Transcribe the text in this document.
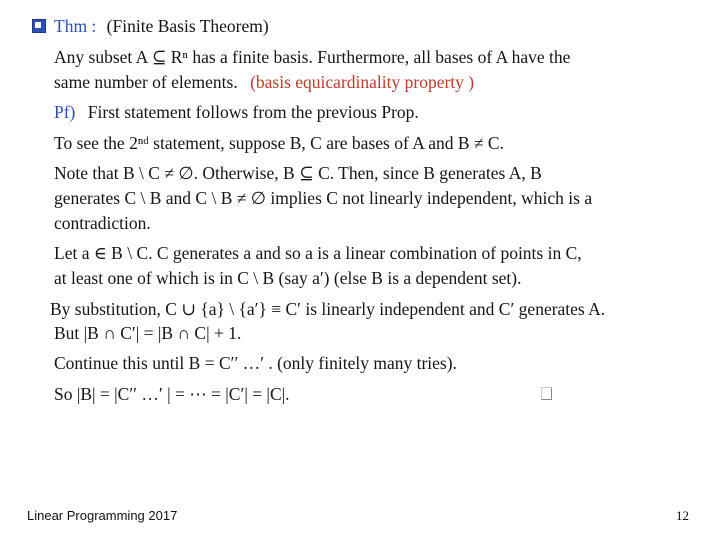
Thm : (Finite Basis Theorem)
Any subset A ⊆ Rⁿ has a finite basis. Furthermore, all bases of A have the
same number of elements. (basis equicardinality property )
Pf) First statement follows from the previous Prop.
To see the 2ⁿᵈ statement, suppose B, C are bases of A and B ≠ C.
Note that B \ C ≠ ∅. Otherwise, B ⊆ C. Then, since B generates A, B
generates C \ B and C \ B ≠ ∅ implies C not linearly independent, which is a
contradiction.
Let a ∈ B \ C. C generates a and so a is a linear combination of points in C,
at least one of which is in C \ B (say a′) (else B is a dependent set).
By substitution, C ∪ {a} \ {a′} ≡ C′ is linearly independent and C′ generates A.
But |B ∩ C′| = |B ∩ C| + 1.
Continue this until B = C′′ …′ . (only finitely many tries).
So |B| = |C′′ …′ | = ⋯ = |C′| = |C|.
Linear Programming 2017	12
